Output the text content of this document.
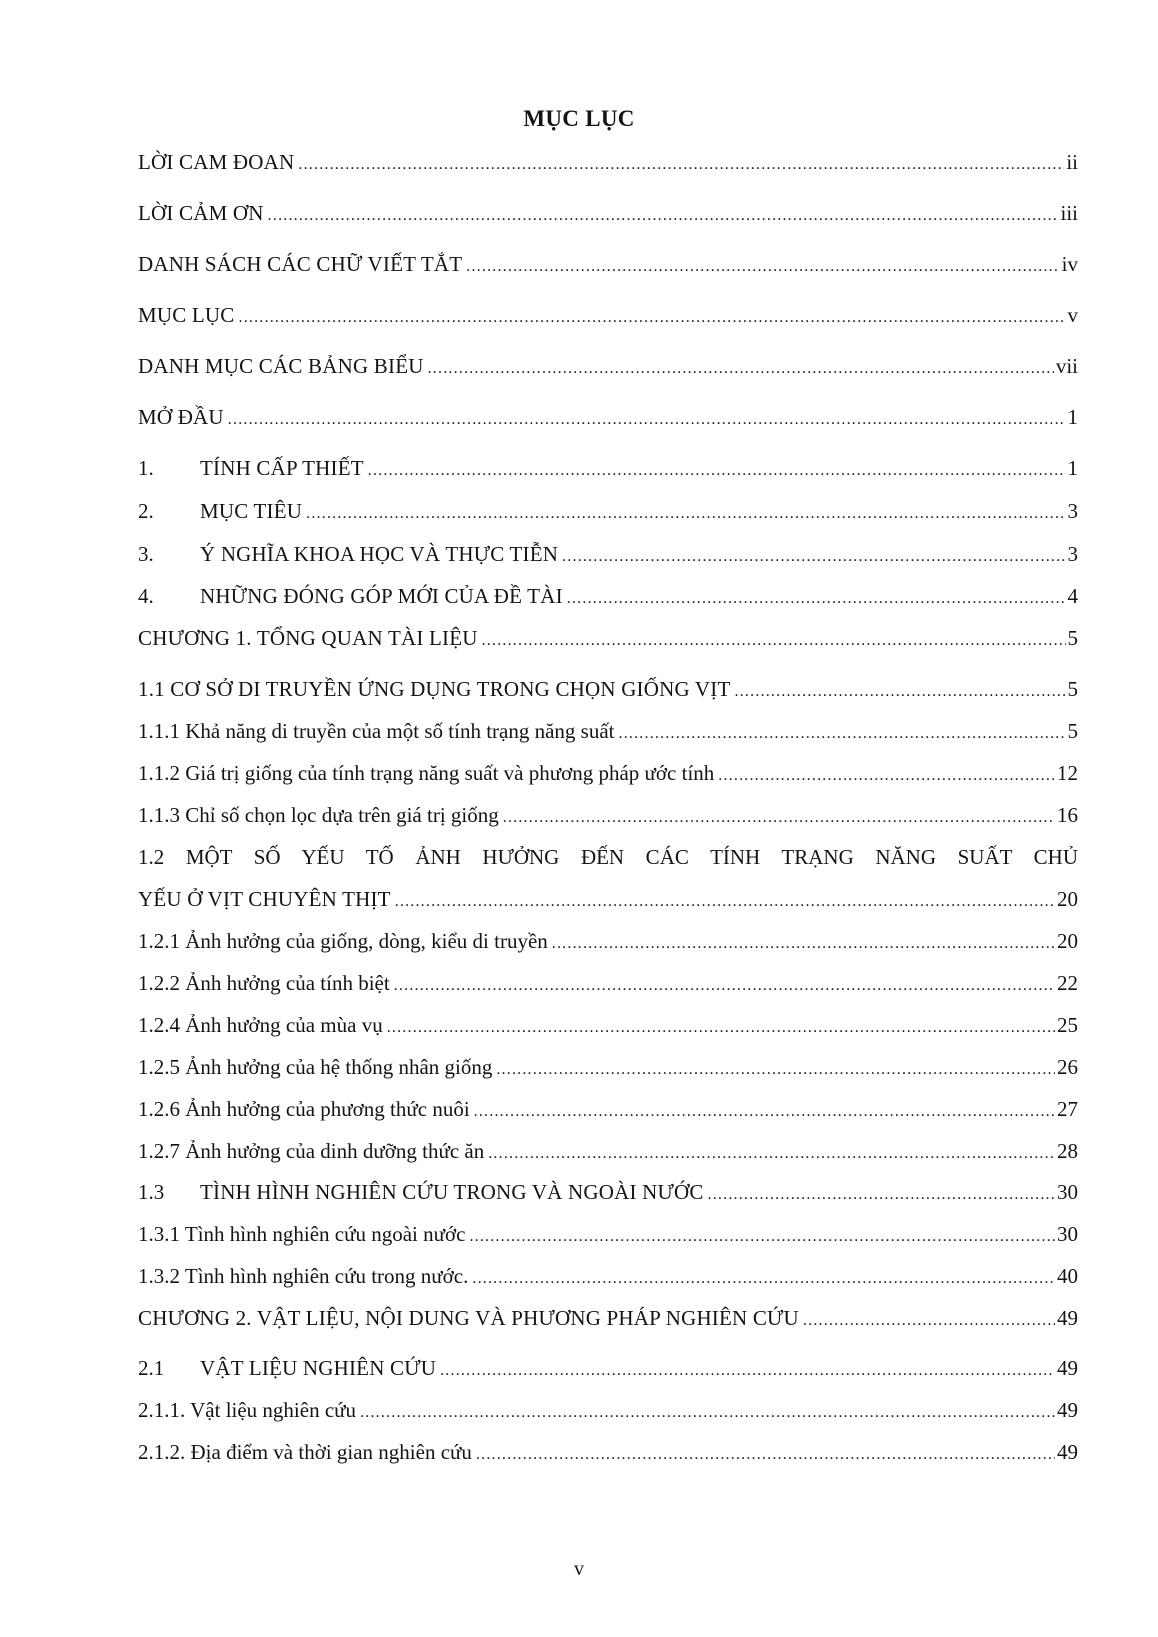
MỤC LỤC
LỜI CAM ĐOAN .....	ii
LỜI CẢM ƠN .....	iii
DANH SÁCH CÁC CHỮ VIẾT TẮT .....	iv
MỤC LỤC .....	v
DANH MỤC CÁC BẢNG BIỂU .....	vii
MỞ ĐẦU .....	1
1.	TÍNH CẤP THIẾT .....	1
2.	MỤC TIÊU .....	3
3.	Ý NGHĨA KHOA HỌC VÀ THỰC TIỄN .....	3
4.	NHỮNG ĐÓNG GÓP MỚI CỦA ĐỀ TÀI .....	4
CHƯƠNG 1. TỔNG QUAN TÀI LIỆU .....	5
1.1 CƠ SỞ DI TRUYỀN ỨNG DỤNG TRONG CHỌN GIỐNG VỊT .....	5
1.1.1 Khả năng di truyền của một số tính trạng năng suất .....	5
1.1.2 Giá trị giống của tính trạng năng suất và phương pháp ước tính .....	12
1.1.3 Chỉ số chọn lọc dựa trên giá trị giống .....	16
1.2 MỘT SỐ YẾU TỐ ẢNH HƯỞNG ĐẾN CÁC TÍNH TRẠNG NĂNG SUẤT CHỦ
YẾU Ở VỊT CHUYÊN THỊT .....	20
1.2.1 Ảnh hưởng của giống, dòng, kiểu di truyền .....	20
1.2.2 Ảnh hưởng của tính biệt .....	22
1.2.4 Ảnh hưởng của mùa vụ .....	25
1.2.5 Ảnh hưởng của hệ thống nhân giống .....	26
1.2.6 Ảnh hưởng của phương thức nuôi .....	27
1.2.7 Ảnh hưởng của dinh dưỡng thức ăn .....	28
1.3	TÌNH HÌNH NGHIÊN CỨU TRONG VÀ NGOÀI NƯỚC .....	30
1.3.1 Tình hình nghiên cứu ngoài nước .....	30
1.3.2 Tình hình nghiên cứu trong nước. .....	40
CHƯƠNG 2. VẬT LIỆU, NỘI DUNG VÀ PHƯƠNG PHÁP NGHIÊN CỨU .....	49
2.1	VẬT LIỆU NGHIÊN CỨU .....	49
2.1.1. Vật liệu nghiên cứu .....	49
2.1.2. Địa điểm và thời gian nghiên cứu .....	49
v
